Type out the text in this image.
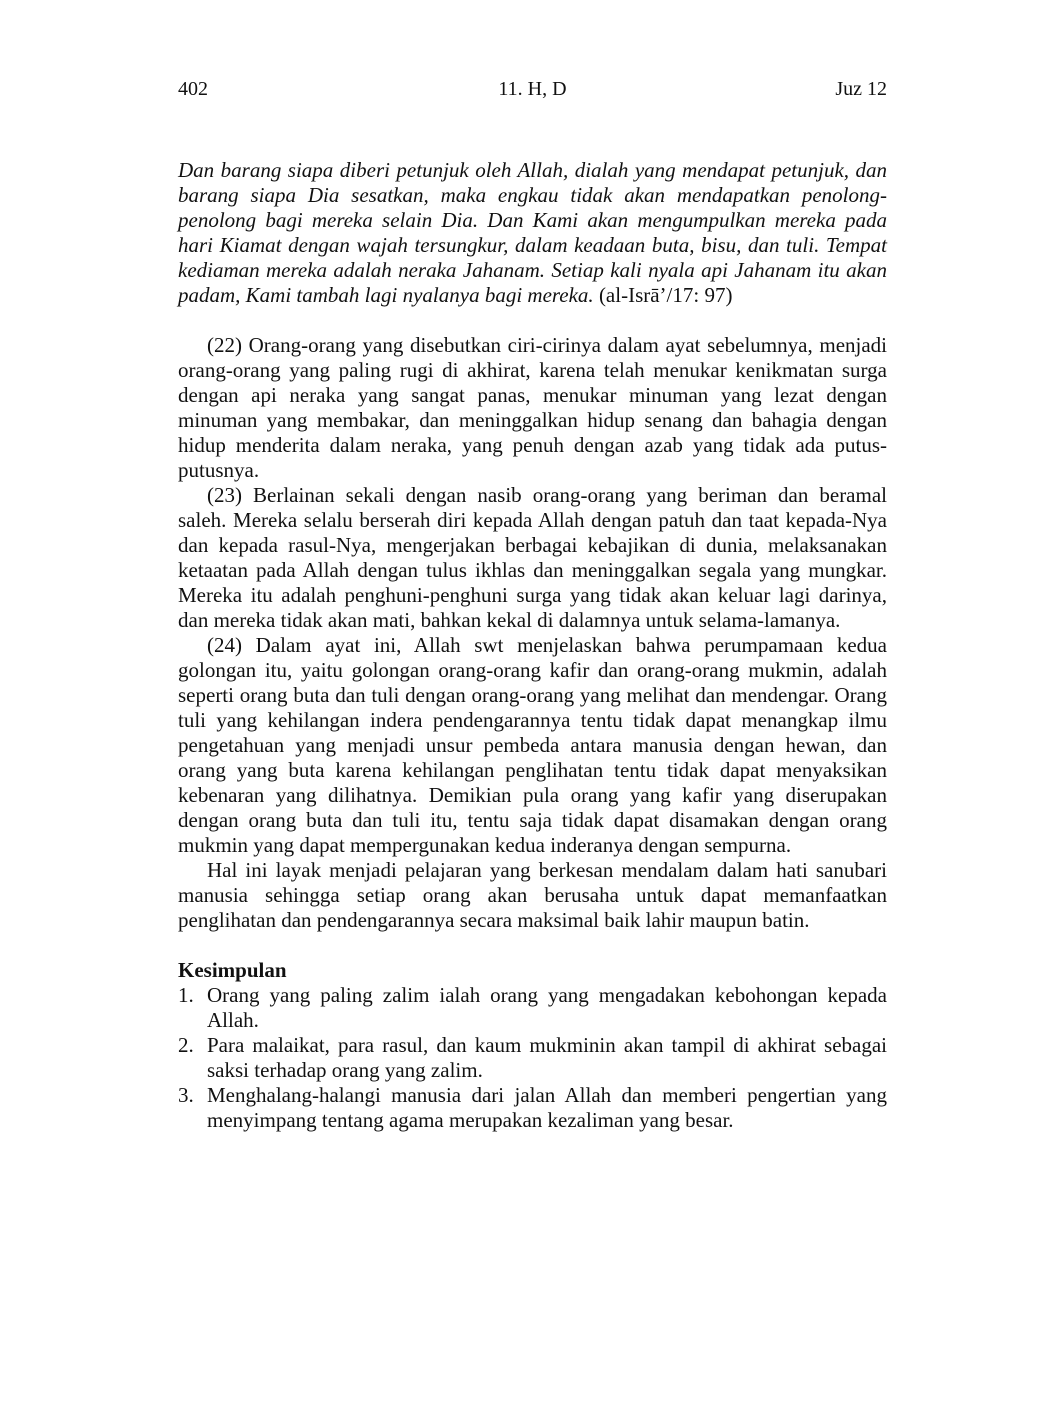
402	11. H, D	Juz 12

Dan barang siapa diberi petunjuk oleh Allah, dialah yang mendapat petunjuk, dan barang siapa Dia sesatkan, maka engkau tidak akan mendapatkan penolong-penolong bagi mereka selain Dia. Dan Kami akan mengumpulkan mereka pada hari Kiamat dengan wajah tersungkur, dalam keadaan buta, bisu, dan tuli. Tempat kediaman mereka adalah neraka Jahanam. Setiap kali nyala api Jahanam itu akan padam, Kami tambah lagi nyalanya bagi mereka. (al-Isrā’/17: 97)

(22) Orang-orang yang disebutkan ciri-cirinya dalam ayat sebelumnya, menjadi orang-orang yang paling rugi di akhirat, karena telah menukar kenikmatan surga dengan api neraka yang sangat panas, menukar minuman yang lezat dengan minuman yang membakar, dan meninggalkan hidup senang dan bahagia dengan hidup menderita dalam neraka, yang penuh dengan azab yang tidak ada putus-putusnya.

(23) Berlainan sekali dengan nasib orang-orang yang beriman dan beramal saleh. Mereka selalu berserah diri kepada Allah dengan patuh dan taat kepada-Nya dan kepada rasul-Nya, mengerjakan berbagai kebajikan di dunia, melaksanakan ketaatan pada Allah dengan tulus ikhlas dan meninggalkan segala yang mungkar. Mereka itu adalah penghuni-penghuni surga yang tidak akan keluar lagi darinya, dan mereka tidak akan mati, bahkan kekal di dalamnya untuk selama-lamanya.

(24) Dalam ayat ini, Allah swt menjelaskan bahwa perumpamaan kedua golongan itu, yaitu golongan orang-orang kafir dan orang-orang mukmin, adalah seperti orang buta dan tuli dengan orang-orang yang melihat dan mendengar. Orang tuli yang kehilangan indera pendengarannya tentu tidak dapat menangkap ilmu pengetahuan yang menjadi unsur pembeda antara manusia dengan hewan, dan orang yang buta karena kehilangan penglihatan tentu tidak dapat menyaksikan kebenaran yang dilihatnya. Demikian pula orang yang kafir yang diserupakan dengan orang buta dan tuli itu, tentu saja tidak dapat disamakan dengan orang mukmin yang dapat mempergunakan kedua inderanya dengan sempurna.

Hal ini layak menjadi pelajaran yang berkesan mendalam dalam hati sanubari manusia sehingga setiap orang akan berusaha untuk dapat memanfaatkan penglihatan dan pendengarannya secara maksimal baik lahir maupun batin.

Kesimpulan
1. Orang yang paling zalim ialah orang yang mengadakan kebohongan kepada Allah.
2. Para malaikat, para rasul, dan kaum mukminin akan tampil di akhirat sebagai saksi terhadap orang yang zalim.
3. Menghalang-halangi manusia dari jalan Allah dan memberi pengertian yang menyimpang tentang agama merupakan kezaliman yang besar.
